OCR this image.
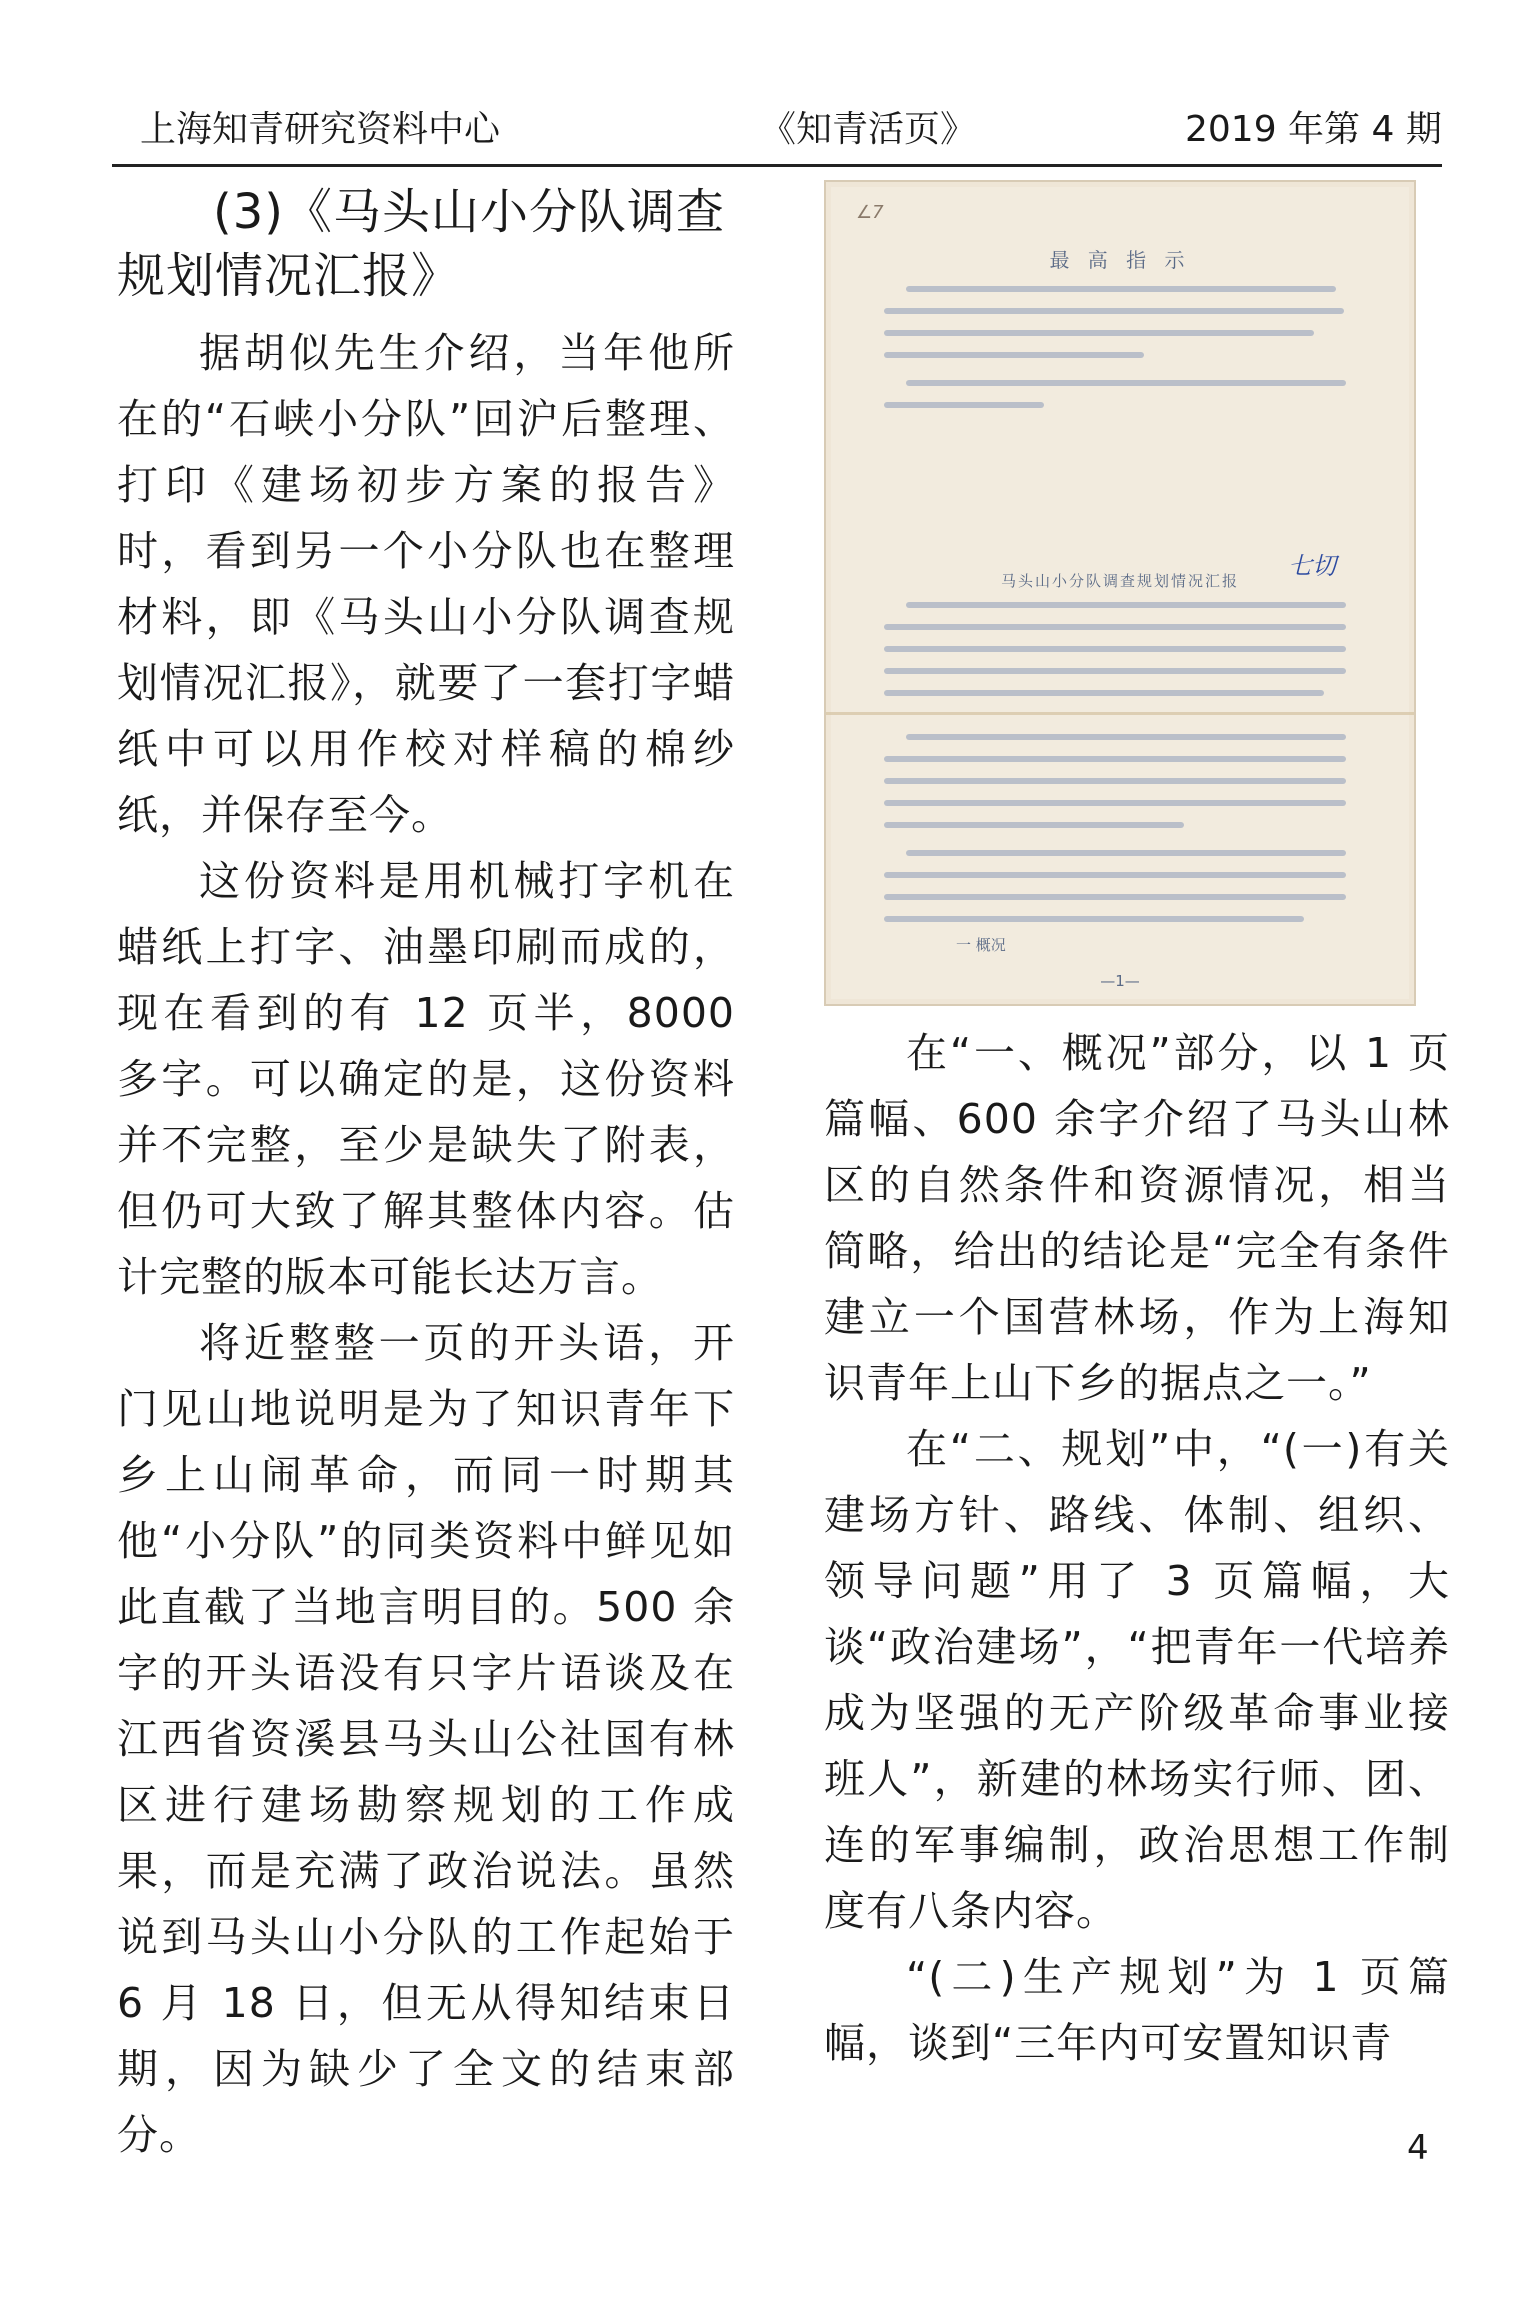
上海知青研究资料中心	《知青活页》	2019 年第 4 期
(3)《马头山小分队调查规划情况汇报》

据胡似先生介绍，当年他所在的“石峡小分队”回沪后整理、打印《建场初步方案的报告》时，看到另一个小分队也在整理材料，即《马头山小分队调查规划情况汇报》，就要了一套打字蜡纸中可以用作校对样稿的棉纱纸，并保存至今。

这份资料是用机械打字机在蜡纸上打字、油墨印刷而成的，现在看到的有 12 页半，8000 多字。可以确定的是，这份资料并不完整，至少是缺失了附表，但仍可大致了解其整体内容。估计完整的版本可能长达万言。

将近整整一页的开头语，开门见山地说明是为了知识青年下乡上山闹革命，而同一时期其他“小分队”的同类资料中鲜见如此直截了当地言明目的。500 余字的开头语没有只字片语谈及在江西省资溪县马头山公社国有林区进行建场勘察规划的工作成果，而是充满了政治说法。虽然说到马头山小分队的工作起始于 6 月 18 日，但无从得知结束日期，因为缺少了全文的结束部分。

∠7
最 高 指 示
七切
马头山小分队调查规划情况汇报
一 概况
—1—

在“一、概况”部分，以 1 页篇幅、600 余字介绍了马头山林区的自然条件和资源情况，相当简略，给出的结论是“完全有条件建立一个国营林场，作为上海知识青年上山下乡的据点之一。”

在“二、规划”中，“(一)有关建场方针、路线、体制、组织、领导问题”用了 3 页篇幅，大谈“政治建场”，“把青年一代培养成为坚强的无产阶级革命事业接班人”，新建的林场实行师、团、连的军事编制，政治思想工作制度有八条内容。

“(二)生产规划”为 1 页篇幅，谈到“三年内可安置知识青

4
